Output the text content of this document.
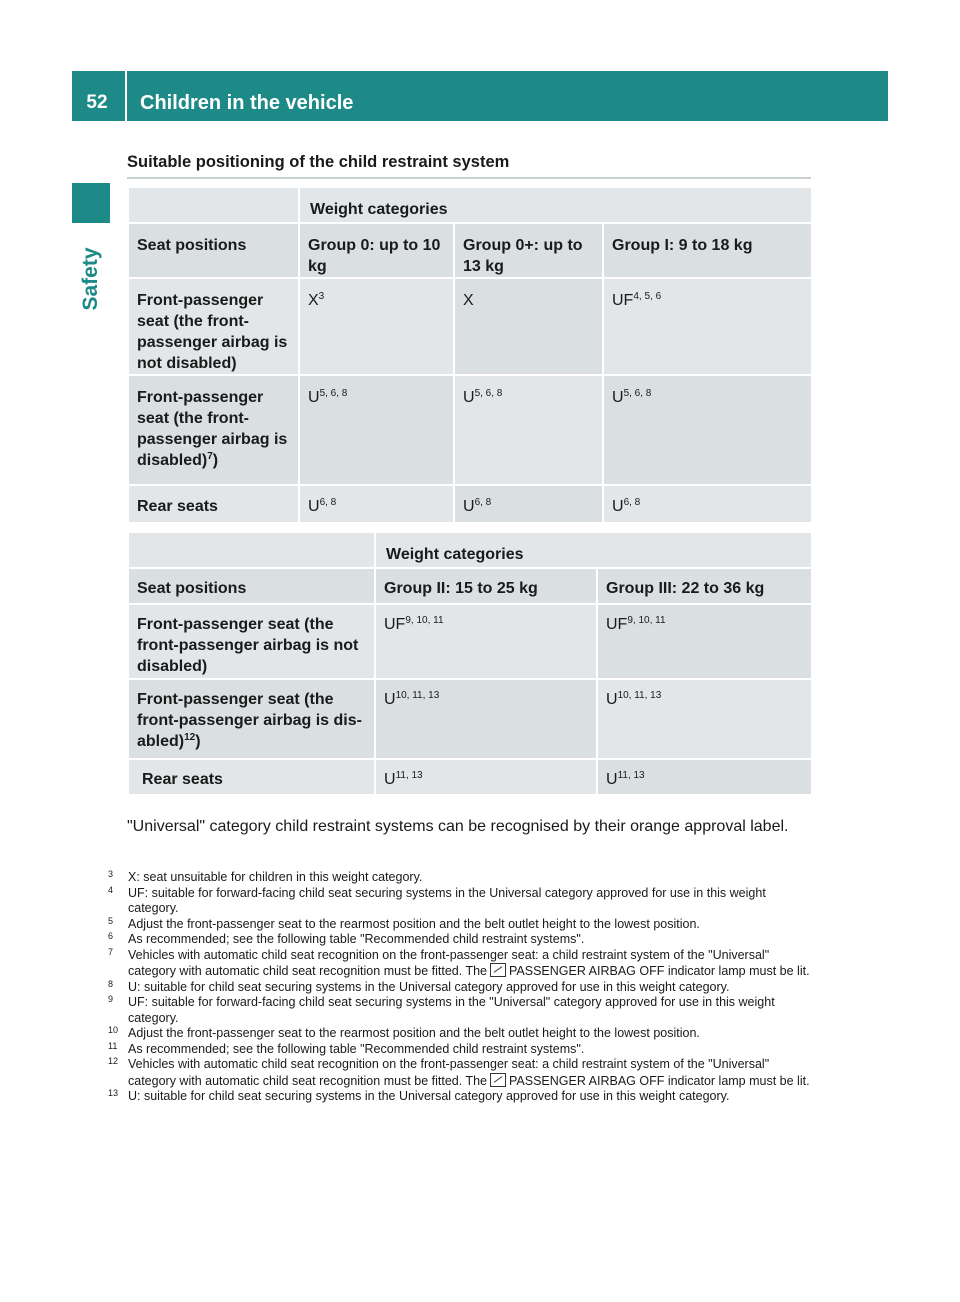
52	Children in the vehicle
Safety
Suitable positioning of the child restraint system
	Weight categories		
Seat positions	Group 0: up to 10 kg	Group 0+: up to 13 kg	Group I: 9 to 18 kg
Front-passenger seat (the front-passenger airbag is not disabled)	$X^3$	X	UF$^{4, 5, 6}$
Front-passenger seat (the front-passenger airbag is disabled)$^7$)	U$^{5, 6, 8}$	U$^{5, 6, 8}$	U$^{5, 6, 8}$
Rear seats	U$^{6, 8}$	U$^{6, 8}$	U$^{6, 8}$
	Weight categories	
Seat positions	Group II: 15 to 25 kg	Group III: 22 to 36 kg
Front-passenger seat (the front-passenger airbag is not disabled)	UF$^{9, 10, 11}$	UF$^{9, 10, 11}$
Front-passenger seat (the front-passenger airbag is dis-abled)$^{12}$)	U$^{10, 11, 13}$	U$^{10, 11, 13}$
Rear seats	U$^{11, 13}$	U$^{11, 13}$
"Universal" category child restraint systems can be recognised by their orange approval label.
3 X: seat unsuitable for children in this weight category.
4 UF: suitable for forward-facing child seat securing systems in the Universal category approved for use in this weight category.
5 Adjust the front-passenger seat to the rearmost position and the belt outlet height to the lowest position.
6 As recommended; see the following table "Recommended child restraint systems".
7 Vehicles with automatic child seat recognition on the front-passenger seat: a child restraint system of the "Universal" category with automatic child seat recognition must be fitted. The PASSENGER AIRBAG OFF indicator lamp must be lit.
8 U: suitable for child seat securing systems in the Universal category approved for use in this weight category.
9 UF: suitable for forward-facing child seat securing systems in the "Universal" category approved for use in this weight category.
10 Adjust the front-passenger seat to the rearmost position and the belt outlet height to the lowest position.
11 As recommended; see the following table "Recommended child restraint systems".
12 Vehicles with automatic child seat recognition on the front-passenger seat: a child restraint system of the "Universal" category with automatic child seat recognition must be fitted. The PASSENGER AIRBAG OFF indicator lamp must be lit.
13 U: suitable for child seat securing systems in the Universal category approved for use in this weight category.
